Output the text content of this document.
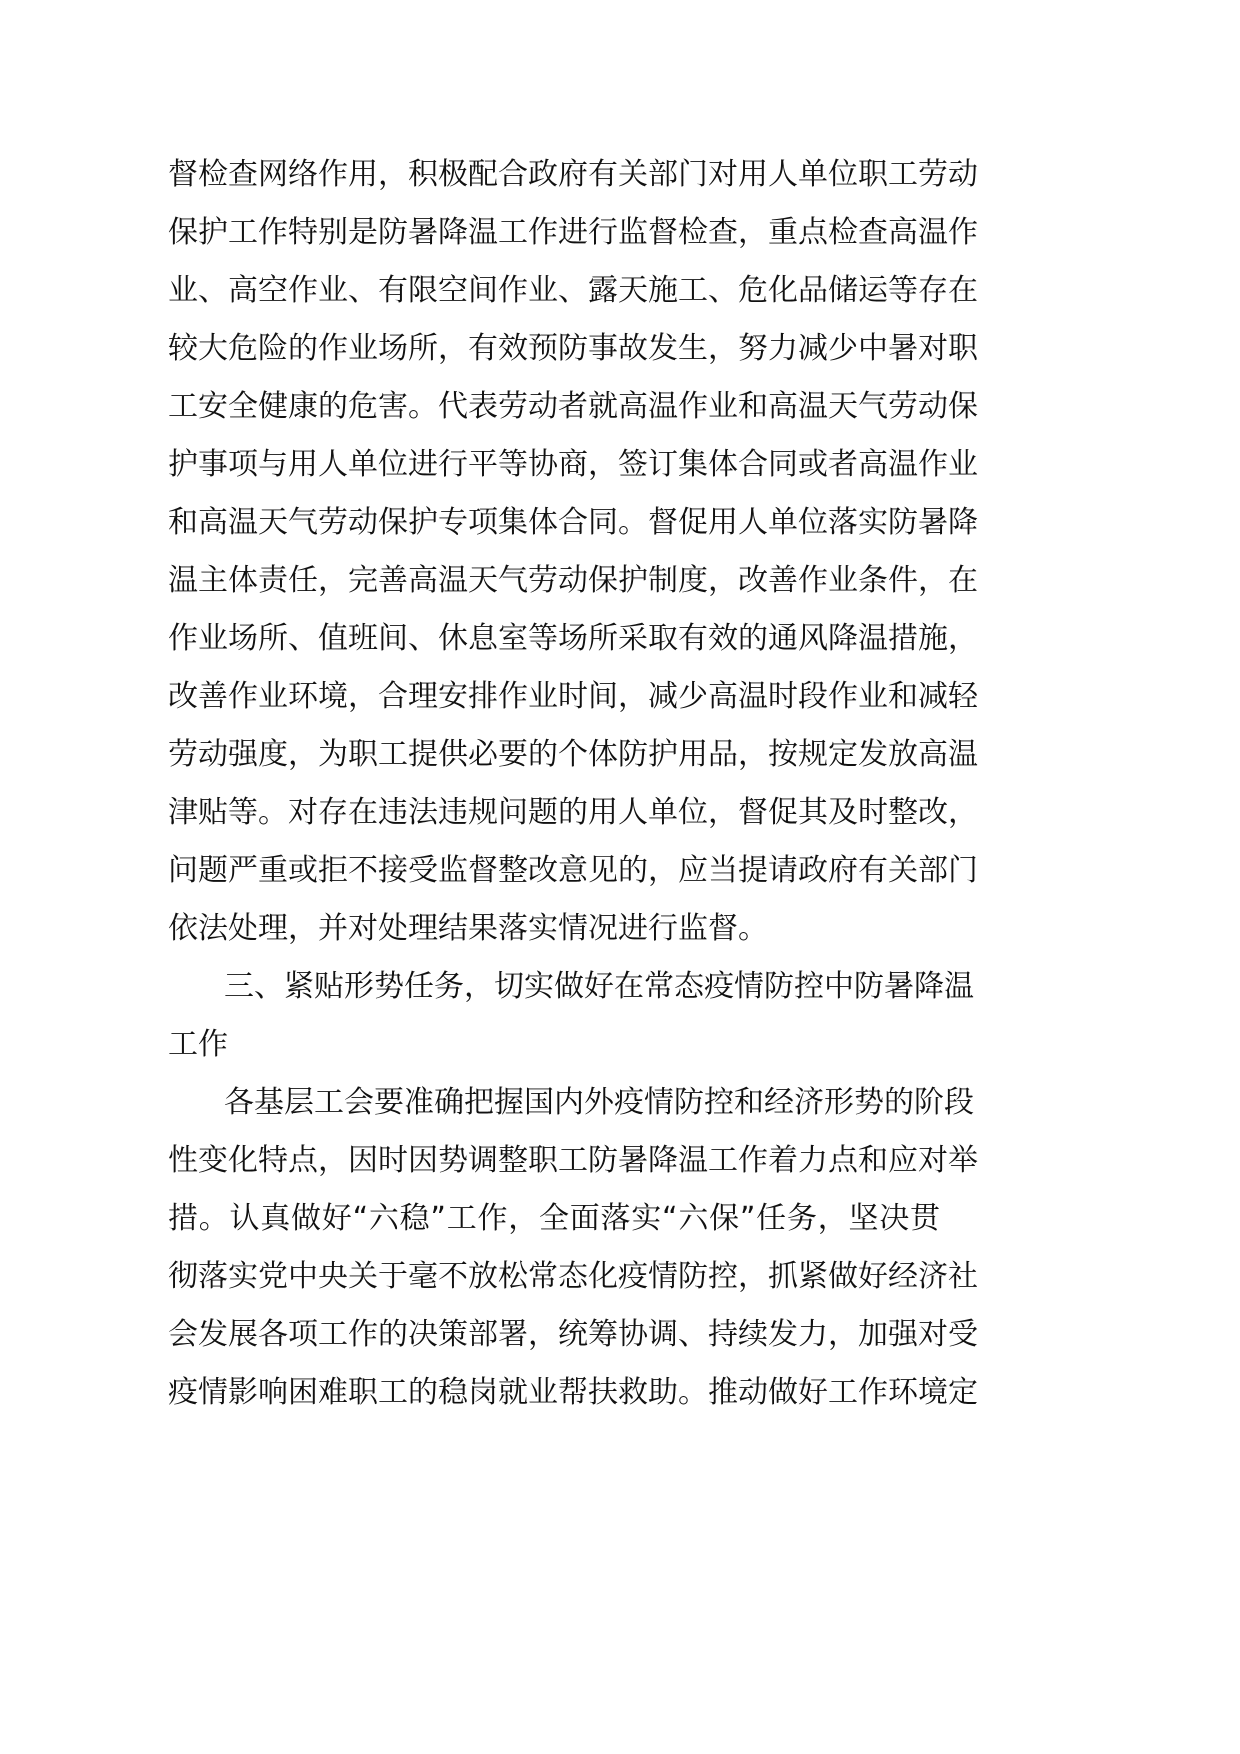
督检查网络作用，积极配合政府有关部门对用人单位职工劳动
保护工作特别是防暑降温工作进行监督检查，重点检查高温作
业、高空作业、有限空间作业、露天施工、危化品储运等存在
较大危险的作业场所，有效预防事故发生，努力减少中暑对职
工安全健康的危害。代表劳动者就高温作业和高温天气劳动保
护事项与用人单位进行平等协商，签订集体合同或者高温作业
和高温天气劳动保护专项集体合同。督促用人单位落实防暑降
温主体责任，完善高温天气劳动保护制度，改善作业条件，在
作业场所、值班间、休息室等场所采取有效的通风降温措施，
改善作业环境，合理安排作业时间，减少高温时段作业和减轻
劳动强度，为职工提供必要的个体防护用品，按规定发放高温
津贴等。对存在违法违规问题的用人单位，督促其及时整改，
问题严重或拒不接受监督整改意见的，应当提请政府有关部门
依法处理，并对处理结果落实情况进行监督。
三、紧贴形势任务，切实做好在常态疫情防控中防暑降温
工作
各基层工会要准确把握国内外疫情防控和经济形势的阶段
性变化特点，因时因势调整职工防暑降温工作着力点和应对举
措。认真做好“六稳”工作，全面落实“六保”任务，坚决贯
彻落实党中央关于毫不放松常态化疫情防控，抓紧做好经济社
会发展各项工作的决策部署，统筹协调、持续发力，加强对受
疫情影响困难职工的稳岗就业帮扶救助。推动做好工作环境定
